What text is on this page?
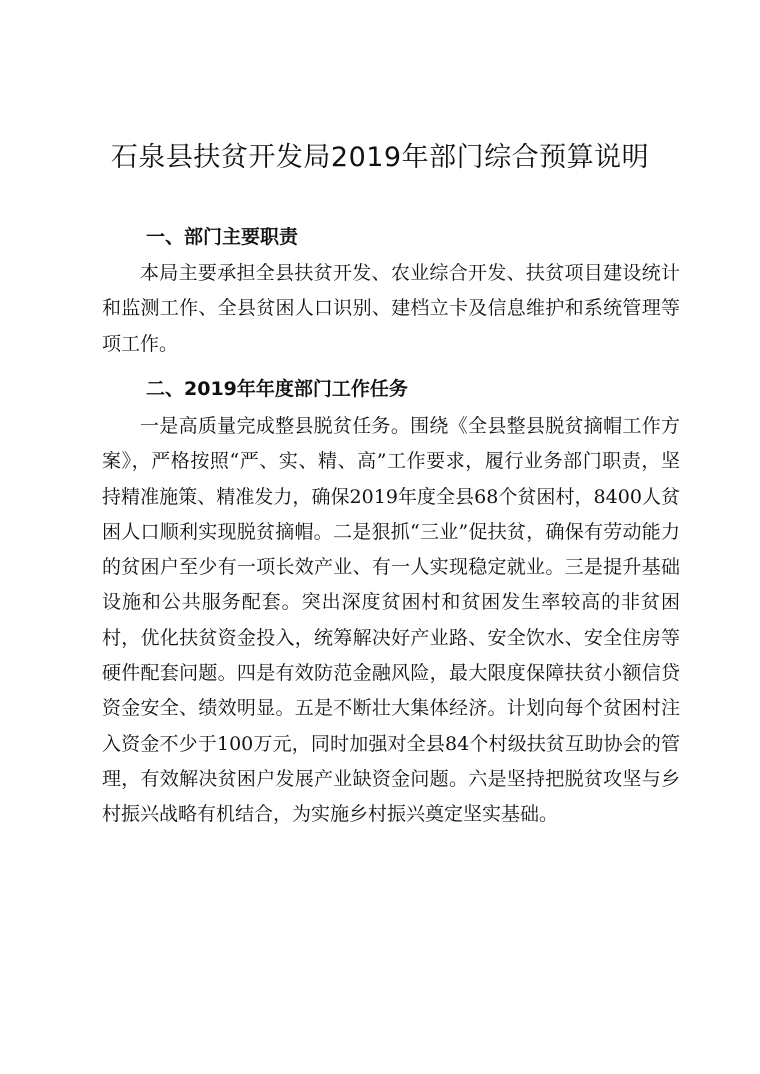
石泉县扶贫开发局2019年部门综合预算说明
一、部门主要职责

本局主要承担全县扶贫开发、农业综合开发、扶贫项目建设统计和监测工作、全县贫困人口识别、建档立卡及信息维护和系统管理等项工作。

二、2019年年度部门工作任务

一是高质量完成整县脱贫任务。围绕《全县整县脱贫摘帽工作方案》，严格按照“严、实、精、高”工作要求，履行业务部门职责，坚持精准施策、精准发力，确保2019年度全县68个贫困村，8400人贫困人口顺利实现脱贫摘帽。二是狠抓“三业”促扶贫，确保有劳动能力的贫困户至少有一项长效产业、有一人实现稳定就业。三是提升基础设施和公共服务配套。突出深度贫困村和贫困发生率较高的非贫困村，优化扶贫资金投入，统筹解决好产业路、安全饮水、安全住房等硬件配套问题。四是有效防范金融风险，最大限度保障扶贫小额信贷资金安全、绩效明显。五是不断壮大集体经济。计划向每个贫困村注入资金不少于100万元，同时加强对全县84个村级扶贫互助协会的管理，有效解决贫困户发展产业缺资金问题。六是坚持把脱贫攻坚与乡村振兴战略有机结合，为实施乡村振兴奠定坚实基础。
